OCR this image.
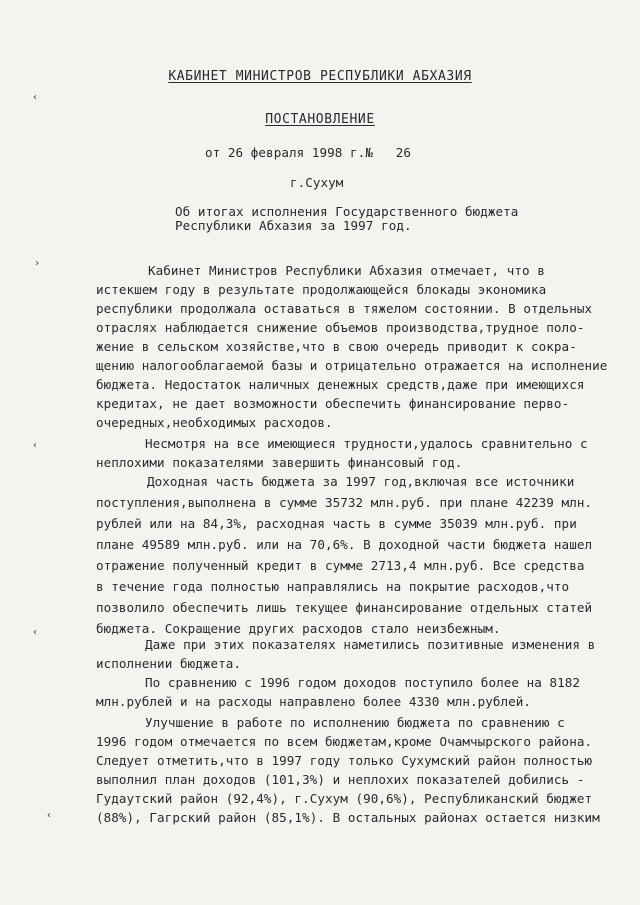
КАБИНЕТ МИНИСТРОВ РЕСПУБЛИКИ АБХАЗИЯ
ПОСТАНОВЛЕНИЕ
от 26 февраля 1998 г.№   26
г.Сухум
Об итогах исполнения Государственного бюджета
Республики Абхазия за 1997 год.
Кабинет Министров Республики Абхазия отмечает, что в
истекшем году в результате продолжающейся блокады экономика
республики продолжала оставаться в тяжелом состоянии. В отдельных
отраслях наблюдается снижение объемов производства,трудное поло-
жение в сельском хозяйстве,что в свою очередь приводит к сокра-
щению налогооблагаемой базы и отрицательно отражается на исполнение
бюджета. Недостаток наличных денежных средств,даже при имеющихся
кредитах, не дает возможности обеспечить финансирование перво-
очередных,необходимых расходов.
Несмотря на все имеющиеся трудности,удалось сравнительно с
неплохими показателями завершить финансовый год.
Доходная часть бюджета за 1997 год,включая все источники
поступления,выполнена в сумме 35732 млн.руб. при плане 42239 млн.
рублей или на 84,3%, расходная часть в сумме 35039 млн.руб. при
плане 49589 млн.руб. или на 70,6%. В доходной части бюджета нашел
отражение полученный кредит в сумме 2713,4 млн.руб. Все средства
в течение года полностью направлялись на покрытие расходов,что
позволило обеспечить лишь текущее финансирование отдельных статей
бюджета. Сокращение других расходов стало неизбежным.
Даже при этих показателях наметились позитивные изменения в
исполнении бюджета.
По сравнению с 1996 годом доходов поступило более на 8182
млн.рублей и на расходы направлено более 4330 млн.рублей.
Улучшение в работе по исполнению бюджета по сравнению с
1996 годом отмечается по всем бюджетам,кроме Очамчырского района.
Следует отметить,что в 1997 году только Сухумский район полностью
выполнил план доходов (101,3%) и неплохих показателей добились -
Гудаутский район (92,4%), г.Сухум (90,6%), Республиканский бюджет
(88%), Гагрский район (85,1%). В остальных районах остается низким
‹
›
‹
‹
‹
